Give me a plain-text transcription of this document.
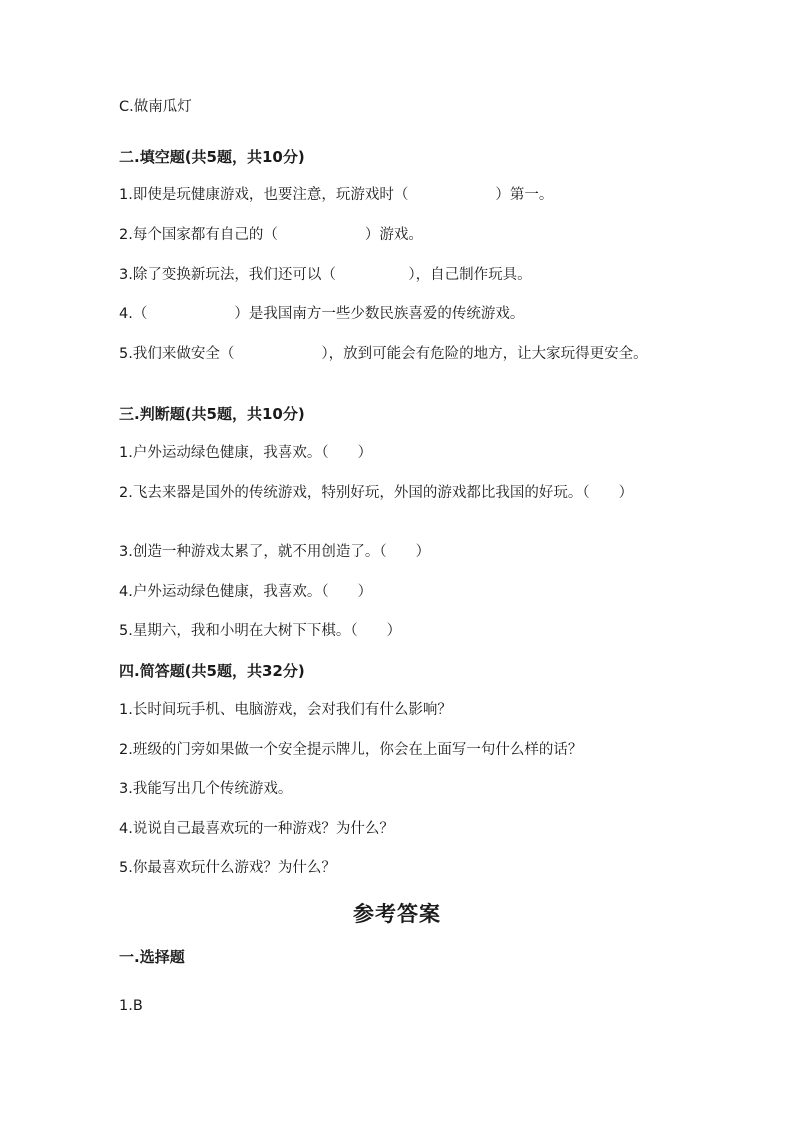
C.做南瓜灯
二.填空题(共5题，共10分)
1.即使是玩健康游戏，也要注意，玩游戏时（　　　　　　）第一。
2.每个国家都有自己的（　　　　　　）游戏。
3.除了变换新玩法，我们还可以（　　　　　），自己制作玩具。
4.（　　　　　　）是我国南方一些少数民族喜爱的传统游戏。
5.我们来做安全（　　　　　　），放到可能会有危险的地方，让大家玩得更安全。
三.判断题(共5题，共10分)
1.户外运动绿色健康，我喜欢。（　　）
2.飞去来器是国外的传统游戏，特别好玩，外国的游戏都比我国的好玩。（　　）
3.创造一种游戏太累了，就不用创造了。（　　）
4.户外运动绿色健康，我喜欢。（　　）
5.星期六，我和小明在大树下下棋。（　　）
四.简答题(共5题，共32分)
1.长时间玩手机、电脑游戏，会对我们有什么影响？
2.班级的门旁如果做一个安全提示牌儿，你会在上面写一句什么样的话？
3.我能写出几个传统游戏。
4.说说自己最喜欢玩的一种游戏？为什么？
5.你最喜欢玩什么游戏？为什么？
参考答案
一.选择题
1.B
